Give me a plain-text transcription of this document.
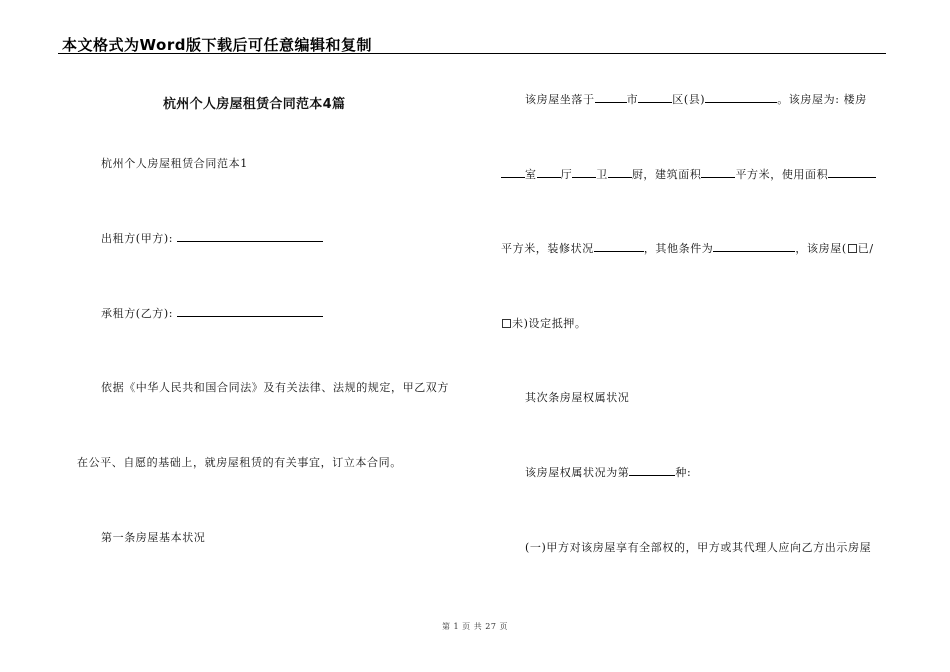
本文格式为Word版下载后可任意编辑和复制
杭州个人房屋租赁合同范本4篇
杭州个人房屋租赁合同范本1
出租方(甲方):
承租方(乙方):
依据《中华人民共和国合同法》及有关法律、法规的规定，甲乙双方
在公平、自愿的基础上，就房屋租赁的有关事宜，订立本合同。
第一条房屋基本状况
该房屋坐落于	市	区(县)	。该房屋为: 楼房
室 厅 卫 厨，建筑面积	平方米，使用面积
平方米，装修状况	，其他条件为	，该房屋( 已/
未)设定抵押。
其次条房屋权属状况
该房屋权属状况为第	种:
(一)甲方对该房屋享有全部权的，甲方或其代理人应向乙方出示房屋
第 1 页 共 27 页
